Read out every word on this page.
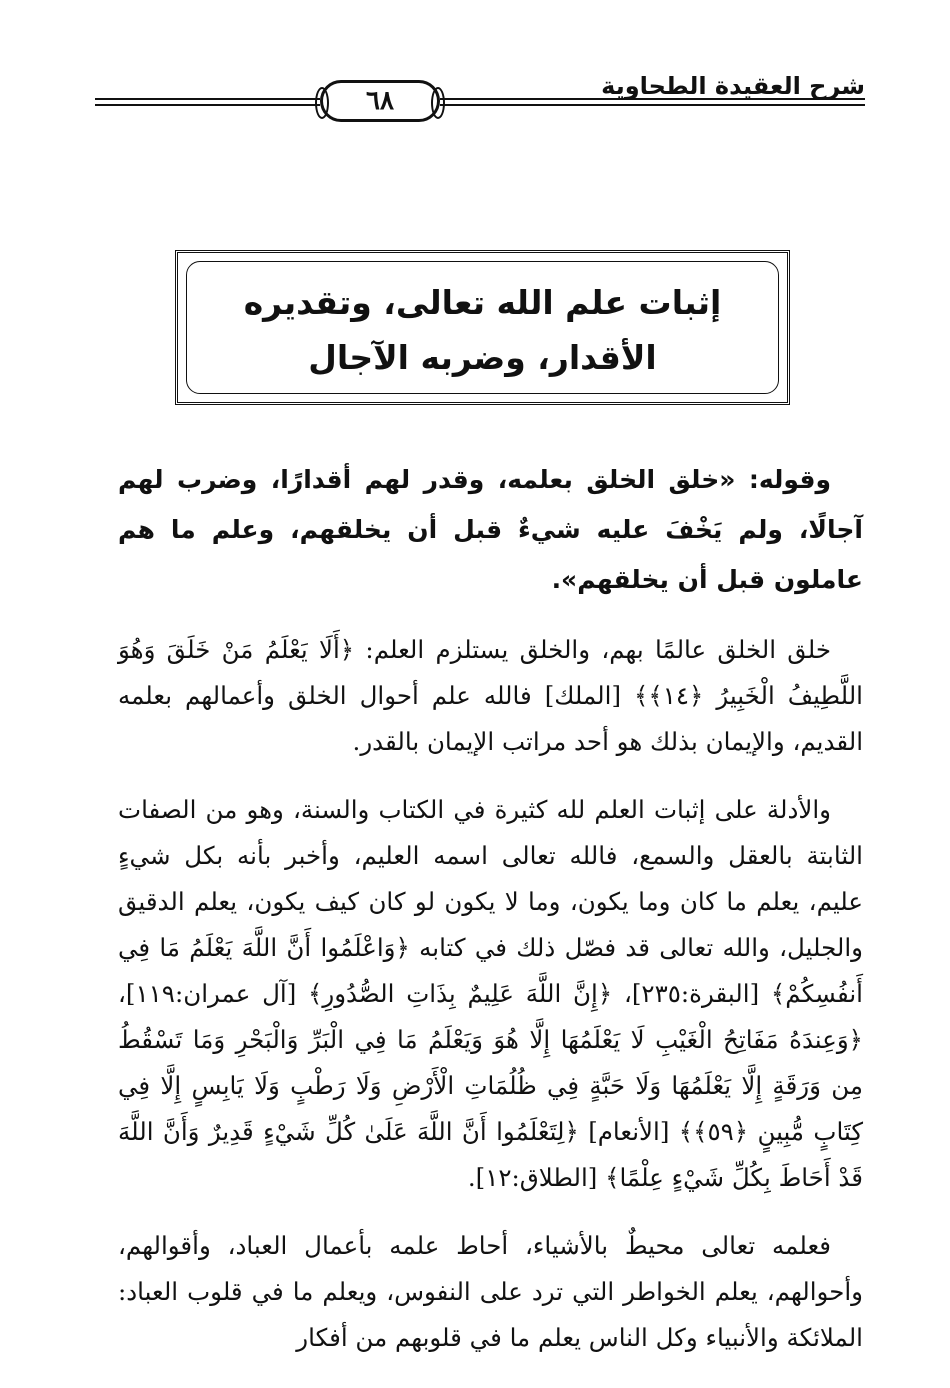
٦٨	شرح العقيدة الطحاوية
إثبات علم الله تعالى، وتقديره الأقدار، وضربه الآجال

وقوله: «خلق الخلق بعلمه، وقدر لهم أقدارًا، وضرب لهم آجالًا، ولم يَخْفَ عليه شيءٌ قبل أن يخلقهم، وعلم ما هم عاملون قبل أن يخلقهم».

خلق الخلق عالمًا بهم، والخلق يستلزم العلم: ﴿أَلَا يَعْلَمُ مَنْ خَلَقَ وَهُوَ اللَّطِيفُ الْخَبِيرُ ﴿١٤﴾﴾ [الملك] فالله علم أحوال الخلق وأعمالهم بعلمه القديم، والإيمان بذلك هو أحد مراتب الإيمان بالقدر.

والأدلة على إثبات العلم لله كثيرة في الكتاب والسنة، وهو من الصفات الثابتة بالعقل والسمع، فالله تعالى اسمه العليم، وأخبر بأنه بكل شيءٍ عليم، يعلم ما كان وما يكون، وما لا يكون لو كان كيف يكون، يعلم الدقيق والجليل، والله تعالى قد فصّل ذلك في كتابه ﴿وَاعْلَمُوا أَنَّ اللَّهَ يَعْلَمُ مَا فِي أَنفُسِكُمْ﴾ [البقرة:٢٣٥]، ﴿إِنَّ اللَّهَ عَلِيمٌ بِذَاتِ الصُّدُورِ﴾ [آل عمران:١١٩]، ﴿وَعِندَهُ مَفَاتِحُ الْغَيْبِ لَا يَعْلَمُهَا إِلَّا هُوَ وَيَعْلَمُ مَا فِي الْبَرِّ وَالْبَحْرِ وَمَا تَسْقُطُ مِن وَرَقَةٍ إِلَّا يَعْلَمُهَا وَلَا حَبَّةٍ فِي ظُلُمَاتِ الْأَرْضِ وَلَا رَطْبٍ وَلَا يَابِسٍ إِلَّا فِي كِتَابٍ مُّبِينٍ ﴿٥٩﴾﴾ [الأنعام] ﴿لِتَعْلَمُوا أَنَّ اللَّهَ عَلَىٰ كُلِّ شَيْءٍ قَدِيرٌ وَأَنَّ اللَّهَ قَدْ أَحَاطَ بِكُلِّ شَيْءٍ عِلْمًا﴾ [الطلاق:١٢].

فعلمه تعالى محيطٌ بالأشياء، أحاط علمه بأعمال العباد، وأقوالهم، وأحوالهم، يعلم الخواطر التي ترد على النفوس، ويعلم ما في قلوب العباد: الملائكة والأنبياء وكل الناس يعلم ما في قلوبهم من أفكار
